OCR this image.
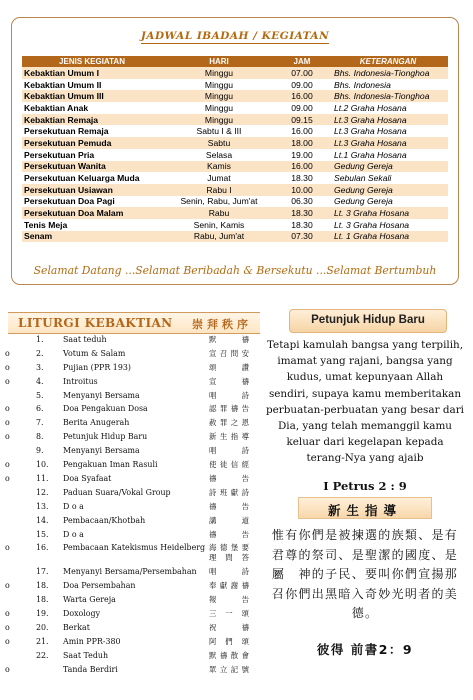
JADWAL IBADAH / KEGIATAN
JENIS KEGIATAN	HARI	JAM	KETERANGAN
Kebaktian Umum I	Minggu	07.00	Bhs. Indonesia-Tionghoa
Kebaktian Umum II	Minggu	09.00	Bhs. Indonesia
Kebaktian Umum III	Minggu	16.00	Bhs. Indonesia-Tionghoa
Kebaktian Anak	Minggu	09.00	Lt.2 Graha Hosana
Kebaktian Remaja	Minggu	09.15	Lt.3 Graha Hosana
Persekutuan Remaja	Sabtu I & III	16.00	Lt.3 Graha Hosana
Persekutuan Pemuda	Sabtu	18.00	Lt.3 Graha Hosana
Persekutuan Pria	Selasa	19.00	Lt.1 Graha Hosana
Persekutuan Wanita	Kamis	16.00	Gedung Gereja
Persekutuan Keluarga Muda	Jumat	18.30	Sebulan Sekali
Persekutuan Usiawan	Rabu I	10.00	Gedung Gereja
Persekutuan Doa Pagi	Senin, Rabu, Jum'at	06.30	Gedung Gereja
Persekutuan Doa Malam	Rabu	18.30	Lt. 3 Graha Hosana
Tenis Meja	Senin, Kamis	18.30	Lt. 3 Graha Hosana
Senam	Rabu, Jum'at	07.30	Lt. 1 Graha Hosana
Selamat Datang ...Selamat Beribadah & Bersekutu ...Selamat Bertumbuh
LITURGI KEBAKTIAN 崇拜秩序
1. Saat teduh	默禱
o	2. Votum & Salam	宣召問安
o	3. Pujian (PPR 193)	頌讚
o	4. Introitus	宣禱
5. Menyanyi Bersama	唱詩
o	6. Doa Pengakuan Dosa	認罪禱告
o	7. Berita Anugerah	赦罪之恩
o	8. Petunjuk Hidup Baru	新生指導
9. Menyanyi Bersama	唱詩
o	10. Pengakuan Iman Rasuli	使徒信經
o	11. Doa Syafaat	禱告
12. Paduan Suara/Vokal Group	詩班獻詩
13. D o a	禱告
14. Pembacaan/Khotbah	講道
15. D o a	禱告
o	16. Pembacaan Katekismus Heidelberg 海德堡要
理問答
17. Menyanyi Bersama/Persembahan 唱詩
o	18. Doa Persembahan	奉獻謝禱
18. Warta Gereja	報告
o	19. Doxology	三一頌
o	20. Berkat	祝禱
o	21. Amin PPR-380	阿們頌
22. Saat Teduh	默禱散會
o	Tanda Berdiri	眾立記號
Petunjuk Hidup Baru
Tetapi kamulah bangsa yang terpilih, imamat yang rajani, bangsa yang kudus, umat kepunyaan Allah sendiri, supaya kamu memberitakan perbuatan-perbuatan yang besar dari Dia, yang telah memanggil kamu keluar dari kegelapan kepada terang-Nya yang ajaib
I Petrus 2 : 9
新生指導
惟有你們是被揀選的族類、是有君尊的祭司、是聖潔的國度、是屬　神的子民、要叫你們宣揚那召你們出黑暗入奇妙光明者的美德。
彼得 前書2：9
